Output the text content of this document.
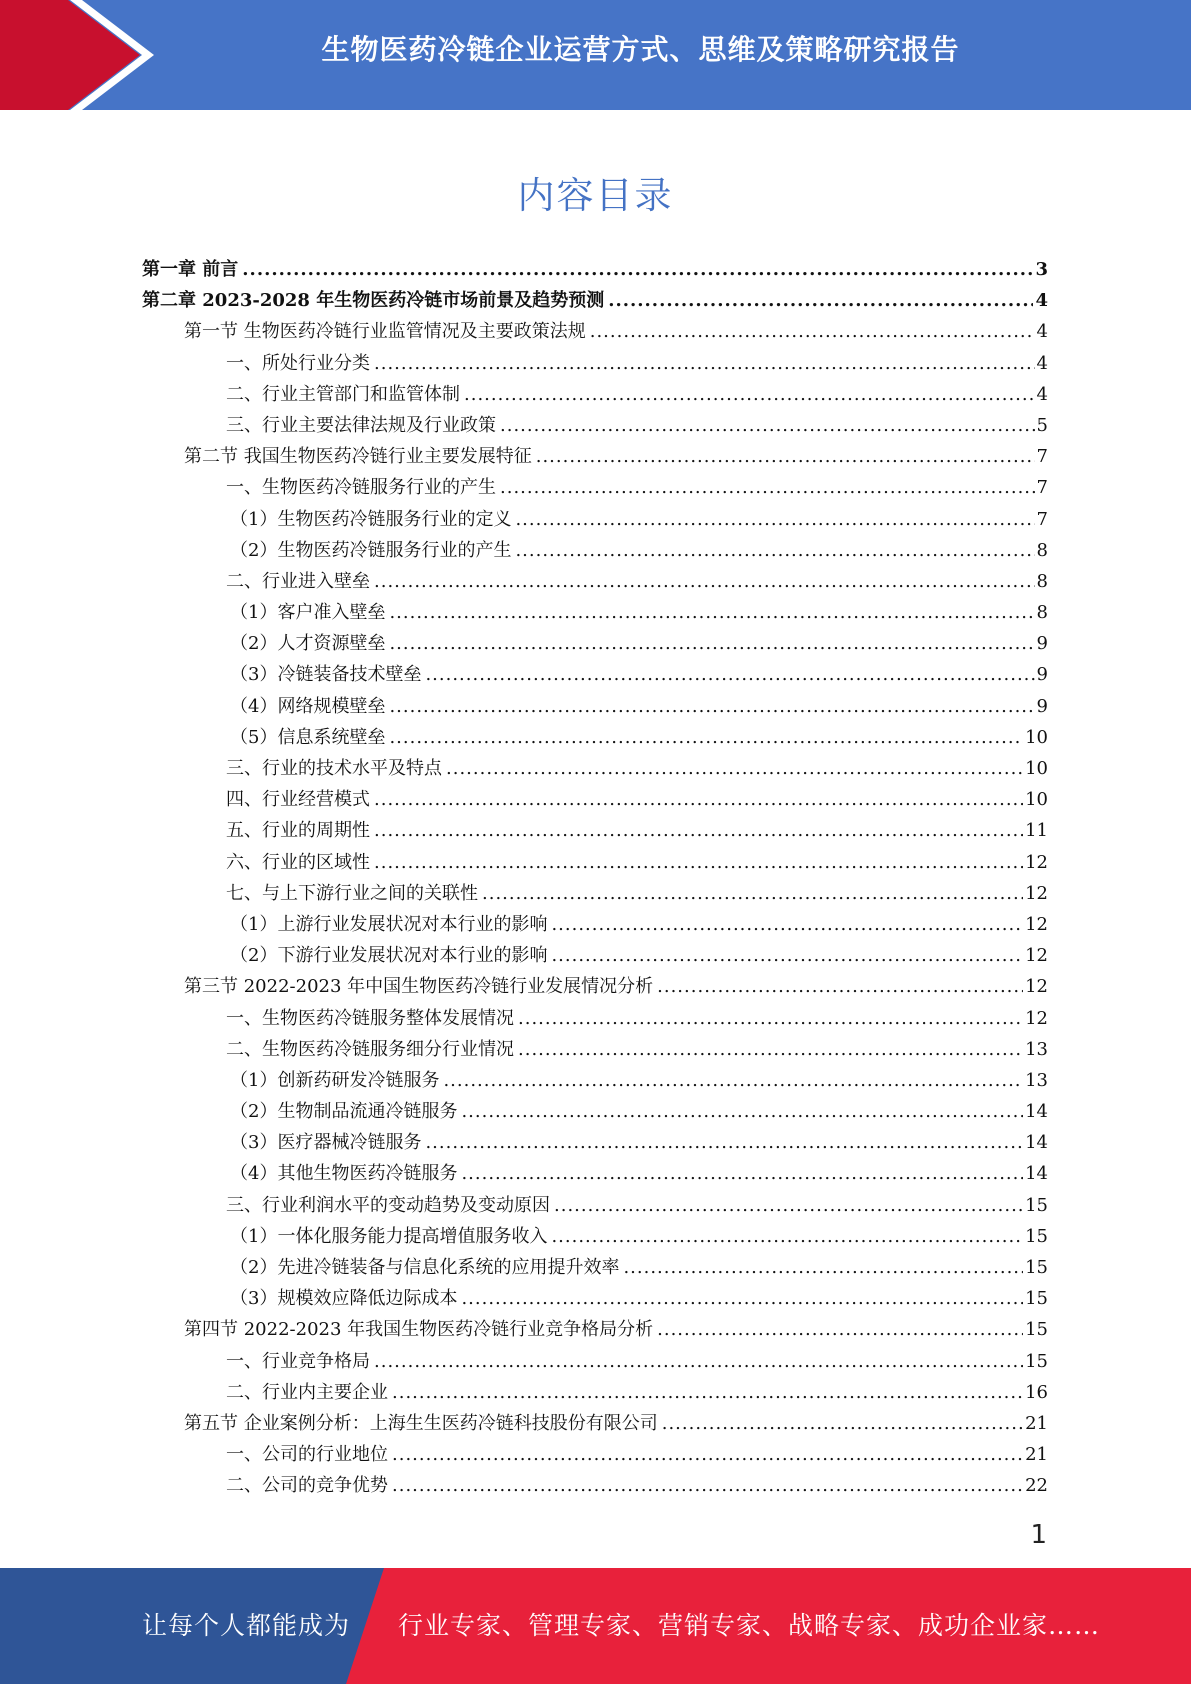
生物医药冷链企业运营方式、思维及策略研究报告
内容目录
第一章 前言 .....	3
第二章 2023-2028 年生物医药冷链市场前景及趋势预测 .....	4
第一节 生物医药冷链行业监管情况及主要政策法规 .....	4
一、所处行业分类 .....	4
二、行业主管部门和监管体制 .....	4
三、行业主要法律法规及行业政策 .....	5
第二节 我国生物医药冷链行业主要发展特征 .....	7
一、生物医药冷链服务行业的产生 .....	7
（1）生物医药冷链服务行业的定义 .....	7
（2）生物医药冷链服务行业的产生 .....	8
二、行业进入壁垒 .....	8
（1）客户准入壁垒 .....	8
（2）人才资源壁垒 .....	9
（3）冷链装备技术壁垒 .....	9
（4）网络规模壁垒 .....	9
（5）信息系统壁垒 .....	10
三、行业的技术水平及特点 .....	10
四、行业经营模式 .....	10
五、行业的周期性 .....	11
六、行业的区域性 .....	12
七、与上下游行业之间的关联性 .....	12
（1）上游行业发展状况对本行业的影响 .....	12
（2）下游行业发展状况对本行业的影响 .....	12
第三节 2022-2023 年中国生物医药冷链行业发展情况分析 .....	12
一、生物医药冷链服务整体发展情况 .....	12
二、生物医药冷链服务细分行业情况 .....	13
（1）创新药研发冷链服务 .....	13
（2）生物制品流通冷链服务 .....	14
（3）医疗器械冷链服务 .....	14
（4）其他生物医药冷链服务 .....	14
三、行业利润水平的变动趋势及变动原因 .....	15
（1）一体化服务能力提高增值服务收入 .....	15
（2）先进冷链装备与信息化系统的应用提升效率 .....	15
（3）规模效应降低边际成本 .....	15
第四节 2022-2023 年我国生物医药冷链行业竞争格局分析 .....	15
一、行业竞争格局 .....	15
二、行业内主要企业 .....	16
第五节 企业案例分析：上海生生医药冷链科技股份有限公司 .....	21
一、公司的行业地位 .....	21
二、公司的竞争优势 .....	22
1
让每个人都能成为 行业专家、管理专家、营销专家、战略专家、成功企业家……
